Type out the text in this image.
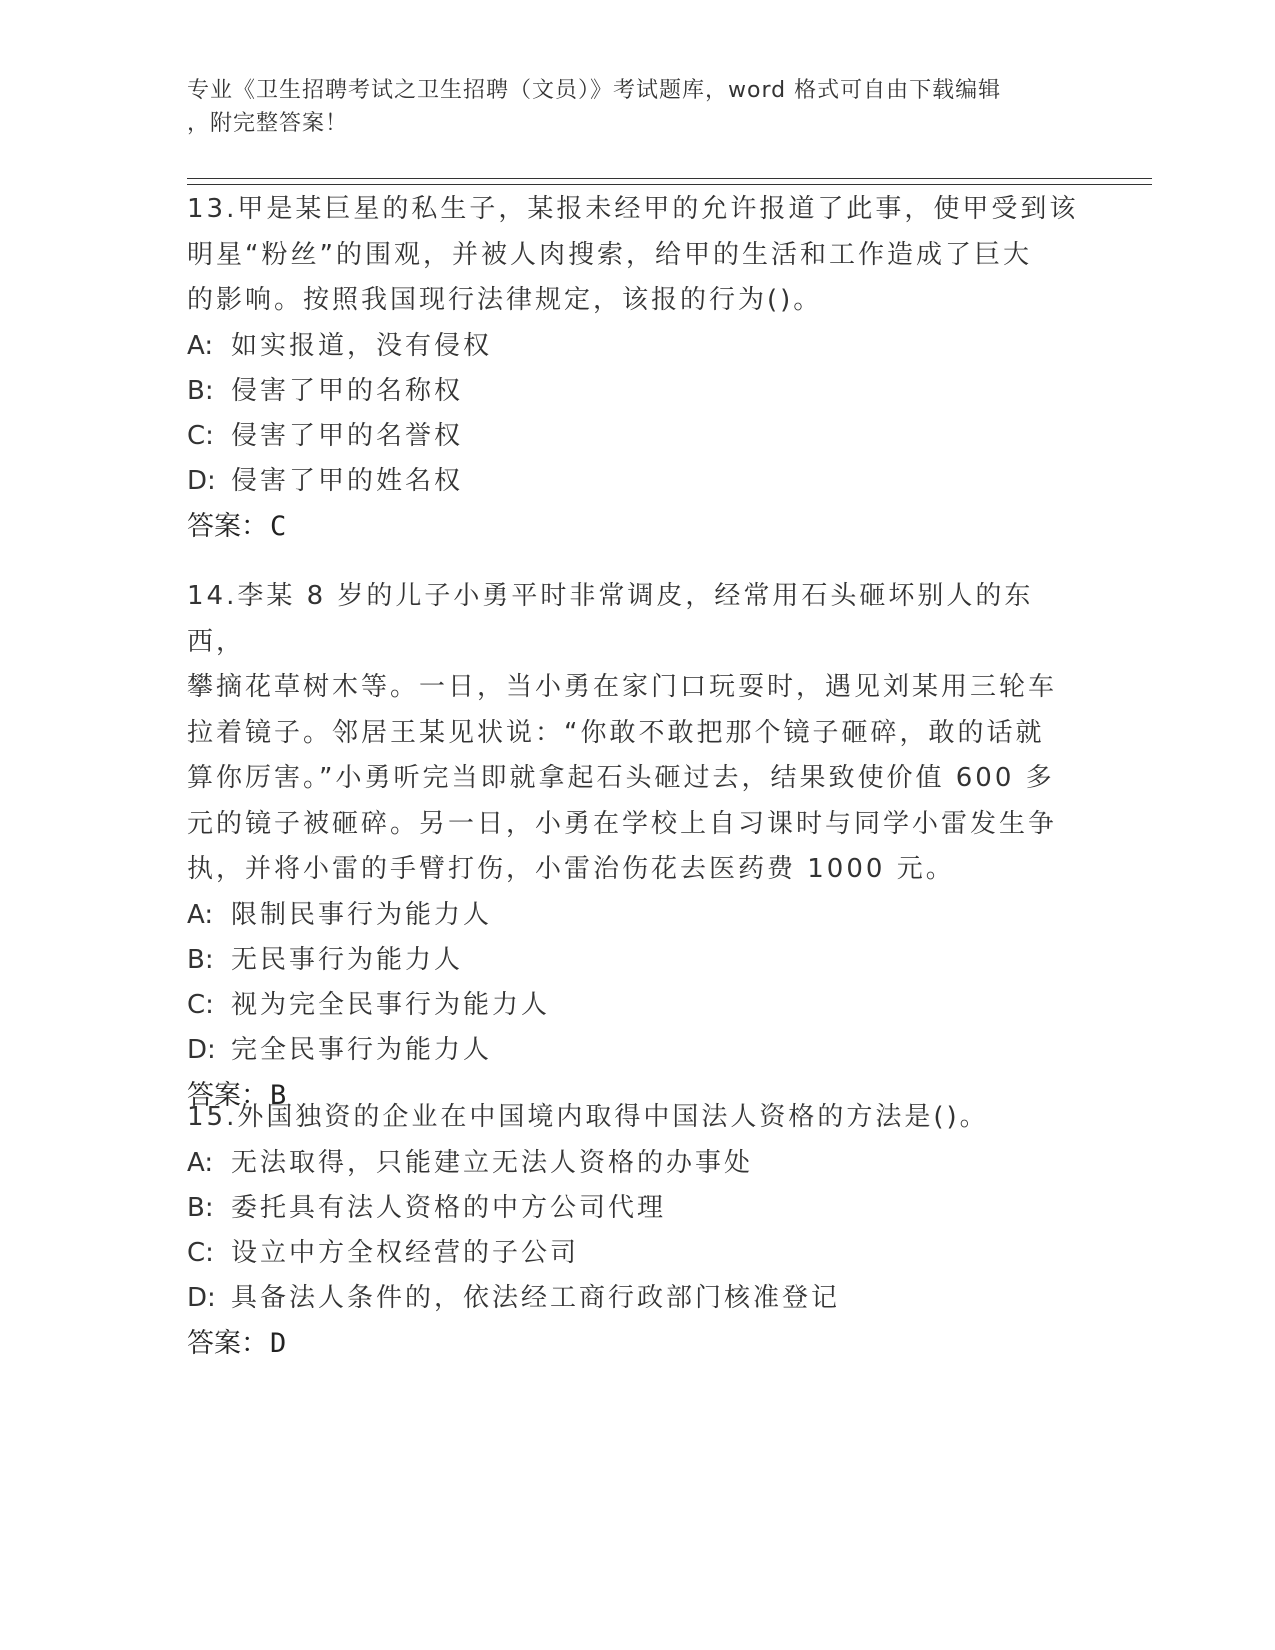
专业《卫生招聘考试之卫生招聘（文员）》考试题库，word 格式可自由下载编辑
，附完整答案！

13.甲是某巨星的私生子，某报未经甲的允许报道了此事，使甲受到该

明星“粉丝”的围观，并被人肉搜索，给甲的生活和工作造成了巨大

的影响。按照我国现行法律规定，该报的行为()。

A: 如实报道，没有侵权

B: 侵害了甲的名称权

C: 侵害了甲的名誉权

D: 侵害了甲的姓名权

答案：C

14.李某 8 岁的儿子小勇平时非常调皮，经常用石头砸坏别人的东西，

攀摘花草树木等。一日，当小勇在家门口玩耍时，遇见刘某用三轮车

拉着镜子。邻居王某见状说：“你敢不敢把那个镜子砸碎，敢的话就

算你厉害。”小勇听完当即就拿起石头砸过去，结果致使价值 600 多

元的镜子被砸碎。另一日，小勇在学校上自习课时与同学小雷发生争

执，并将小雷的手臂打伤，小雷治伤花去医药费 1000 元。

A: 限制民事行为能力人

B: 无民事行为能力人

C: 视为完全民事行为能力人

D: 完全民事行为能力人

答案：B

15.外国独资的企业在中国境内取得中国法人资格的方法是()。

A: 无法取得，只能建立无法人资格的办事处

B: 委托具有法人资格的中方公司代理

C: 设立中方全权经营的子公司

D: 具备法人条件的，依法经工商行政部门核准登记

答案：D
